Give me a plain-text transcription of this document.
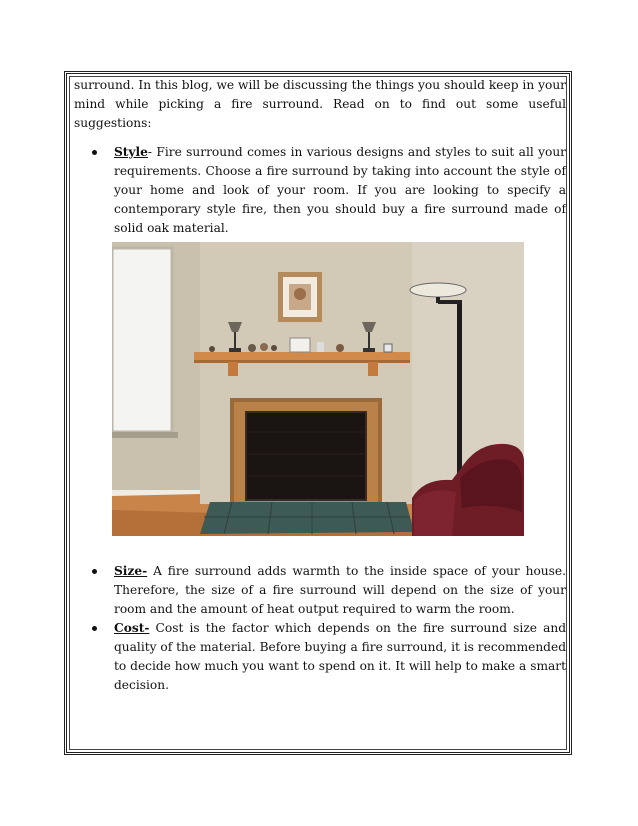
surround. In this blog, we will be discussing the things you should keep in your mind while picking a fire surround. Read on to find out some useful suggestions:

Style- Fire surround comes in various designs and styles to suit all your requirements. Choose a fire surround by taking into account the style of your home and look of your room. If you are looking to specify a contemporary style fire, then you should buy a fire surround made of solid oak material.
Size- A fire surround adds warmth to the inside space of your house. Therefore, the size of a fire surround will depend on the size of your room and the amount of heat output required to warm the room.
Cost- Cost is the factor which depends on the fire surround size and quality of the material. Before buying a fire surround, it is recommended to decide how much you want to spend on it. It will help to make a smart decision.
